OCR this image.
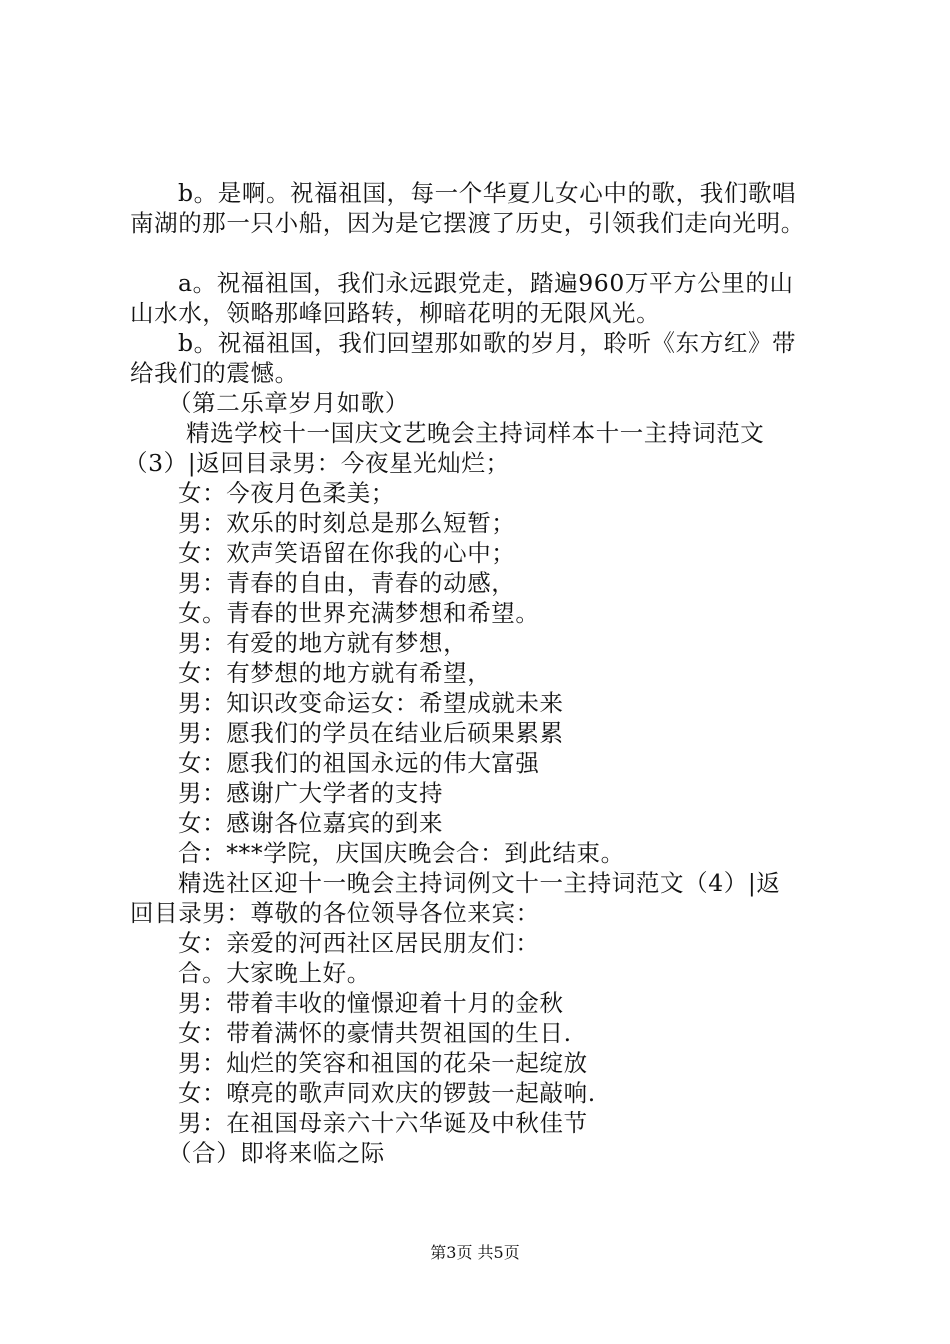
b。是啊。祝福祖国，每一个华夏儿女心中的歌，我们歌唱
南湖的那一只小船，因为是它摆渡了历史，引领我们走向光明。
a。祝福祖国，我们永远跟党走，踏遍960万平方公里的山
山水水，领略那峰回路转，柳暗花明的无限风光。
b。祝福祖国，我们回望那如歌的岁月，聆听《东方红》带
给我们的震憾。
（第二乐章岁月如歌）
精选学校十一国庆文艺晚会主持词样本十一主持词范文
（3）|返回目录男：今夜星光灿烂；
女：今夜月色柔美；
男：欢乐的时刻总是那么短暂；
女：欢声笑语留在你我的心中；
男：青春的自由，青春的动感，
女。青春的世界充满梦想和希望。
男：有爱的地方就有梦想，
女：有梦想的地方就有希望，
男：知识改变命运女：希望成就未来
男：愿我们的学员在结业后硕果累累
女：愿我们的祖国永远的伟大富强
男：感谢广大学者的支持
女：感谢各位嘉宾的到来
合：***学院，庆国庆晚会合：到此结束。
精选社区迎十一晚会主持词例文十一主持词范文（4）|返
回目录男：尊敬的各位领导各位来宾：
女：亲爱的河西社区居民朋友们：
合。大家晚上好。
男：带着丰收的憧憬迎着十月的金秋
女：带着满怀的豪情共贺祖国的生日.
男：灿烂的笑容和祖国的花朵一起绽放
女：嘹亮的歌声同欢庆的锣鼓一起敲响.
男：在祖国母亲六十六华诞及中秋佳节
（合）即将来临之际
第3页 共5页
